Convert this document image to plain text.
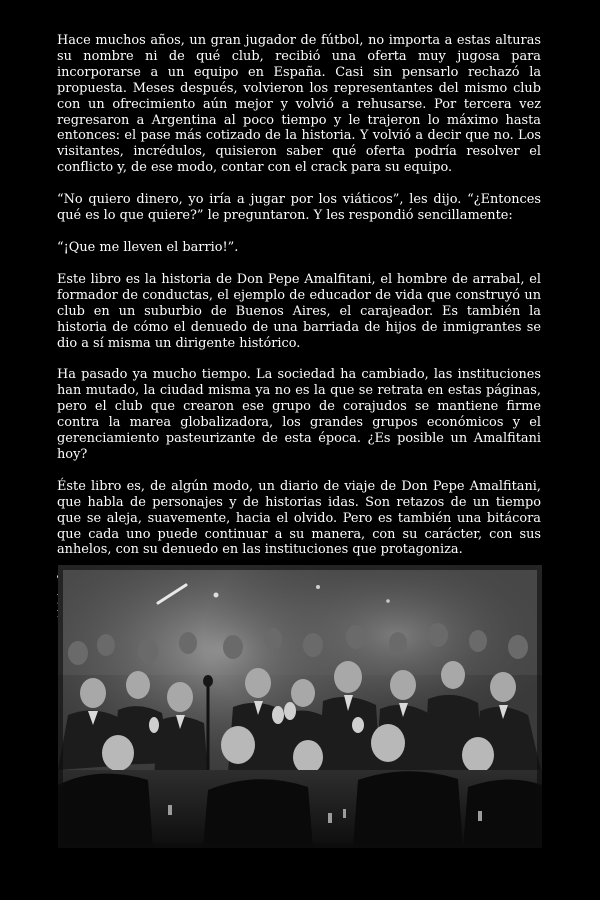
Hace muchos años, un gran jugador de fútbol, no importa a estas alturas su nombre ni de qué club, recibió una oferta muy jugosa para incorporarse a un equipo en España. Casi sin pensarlo rechazó la propuesta. Meses después, volvieron los representantes del mismo club con un ofrecimiento aún mejor y volvió a rehusarse. Por tercera vez regresaron a Argentina al poco tiempo y le trajeron lo máximo hasta entonces: el pase más cotizado de la historia. Y volvió a decir que no. Los visitantes, incrédulos, quisieron saber qué oferta podría resolver el conflicto y, de ese modo, contar con el crack para su equipo.

“No quiero dinero, yo iría a jugar por los viáticos”, les dijo. “¿Entonces qué es lo que quiere?” le preguntaron. Y les respondió sencillamente:

“¡Que me lleven el barrio!”.

Este libro es la historia de Don Pepe Amalfitani, el hombre de arrabal, el formador de conductas, el ejemplo de educador de vida que construyó un club en un suburbio de Buenos Aires, el carajeador. Es también la historia de cómo el denuedo de una barriada de hijos de inmigrantes se dio a sí misma un dirigente histórico.

Ha pasado ya mucho tiempo. La sociedad ha cambiado, las instituciones han mutado, la ciudad misma ya no es la que se retrata en estas páginas, pero el club que crearon ese grupo de corajudos se mantiene firme contra la marea globalizadora, los grandes grupos económicos y el gerenciamiento pasteurizante de esta época. ¿Es posible un Amalfitani hoy?

Éste libro es, de algún modo, un diario de viaje de Don Pepe Amalfitani, que habla de personajes y de historias idas. Son retazos de un tiempo que se aleja, suavemente, hacia el olvido. Pero es también una bitácora que cada uno puede continuar a su manera, con su carácter, con sus anhelos, con su denuedo en las instituciones que protagoniza.
